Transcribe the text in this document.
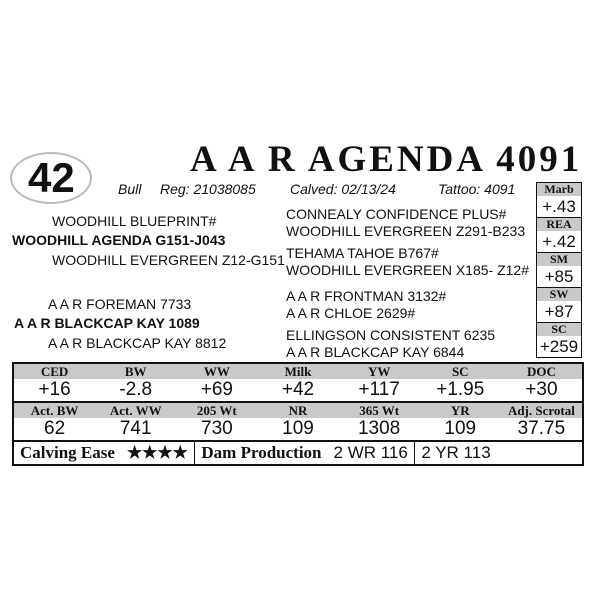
42	A A R AGENDA 4091
Bull Reg: 21038085 Calved: 02/13/24	Tattoo: 4091
WOODHILL BLUEPRINT#
WOODHILL AGENDA G151-J043
WOODHILL EVERGREEN Z12-G151
A A R FOREMAN 7733
A A R BLACKCAP KAY 1089
A A R BLACKCAP KAY 8812
CONNEALY CONFIDENCE PLUS#
WOODHILL EVERGREEN Z291-B233
TEHAMA TAHOE B767#
WOODHILL EVERGREEN X185- Z12#
A A R FRONTMAN 3132#
A A R CHLOE 2629#
ELLINGSON CONSISTENT 6235
A A R BLACKCAP KAY 6844
Marb
+.43
REA
+.42
SM
+85
SW
+87
SC
+259
CED	BW	WW	Milk	YW	SC	DOC
+16	-2.8	+69	+42	+117	+1.95	+30
Act. BW	Act. WW	205 Wt	NR	365 Wt	YR	Adj. Scrotal
62	741	730	109	1308	109	37.75
Calving Ease ★★★★ Dam Production 2 WR 116 2 YR 113
